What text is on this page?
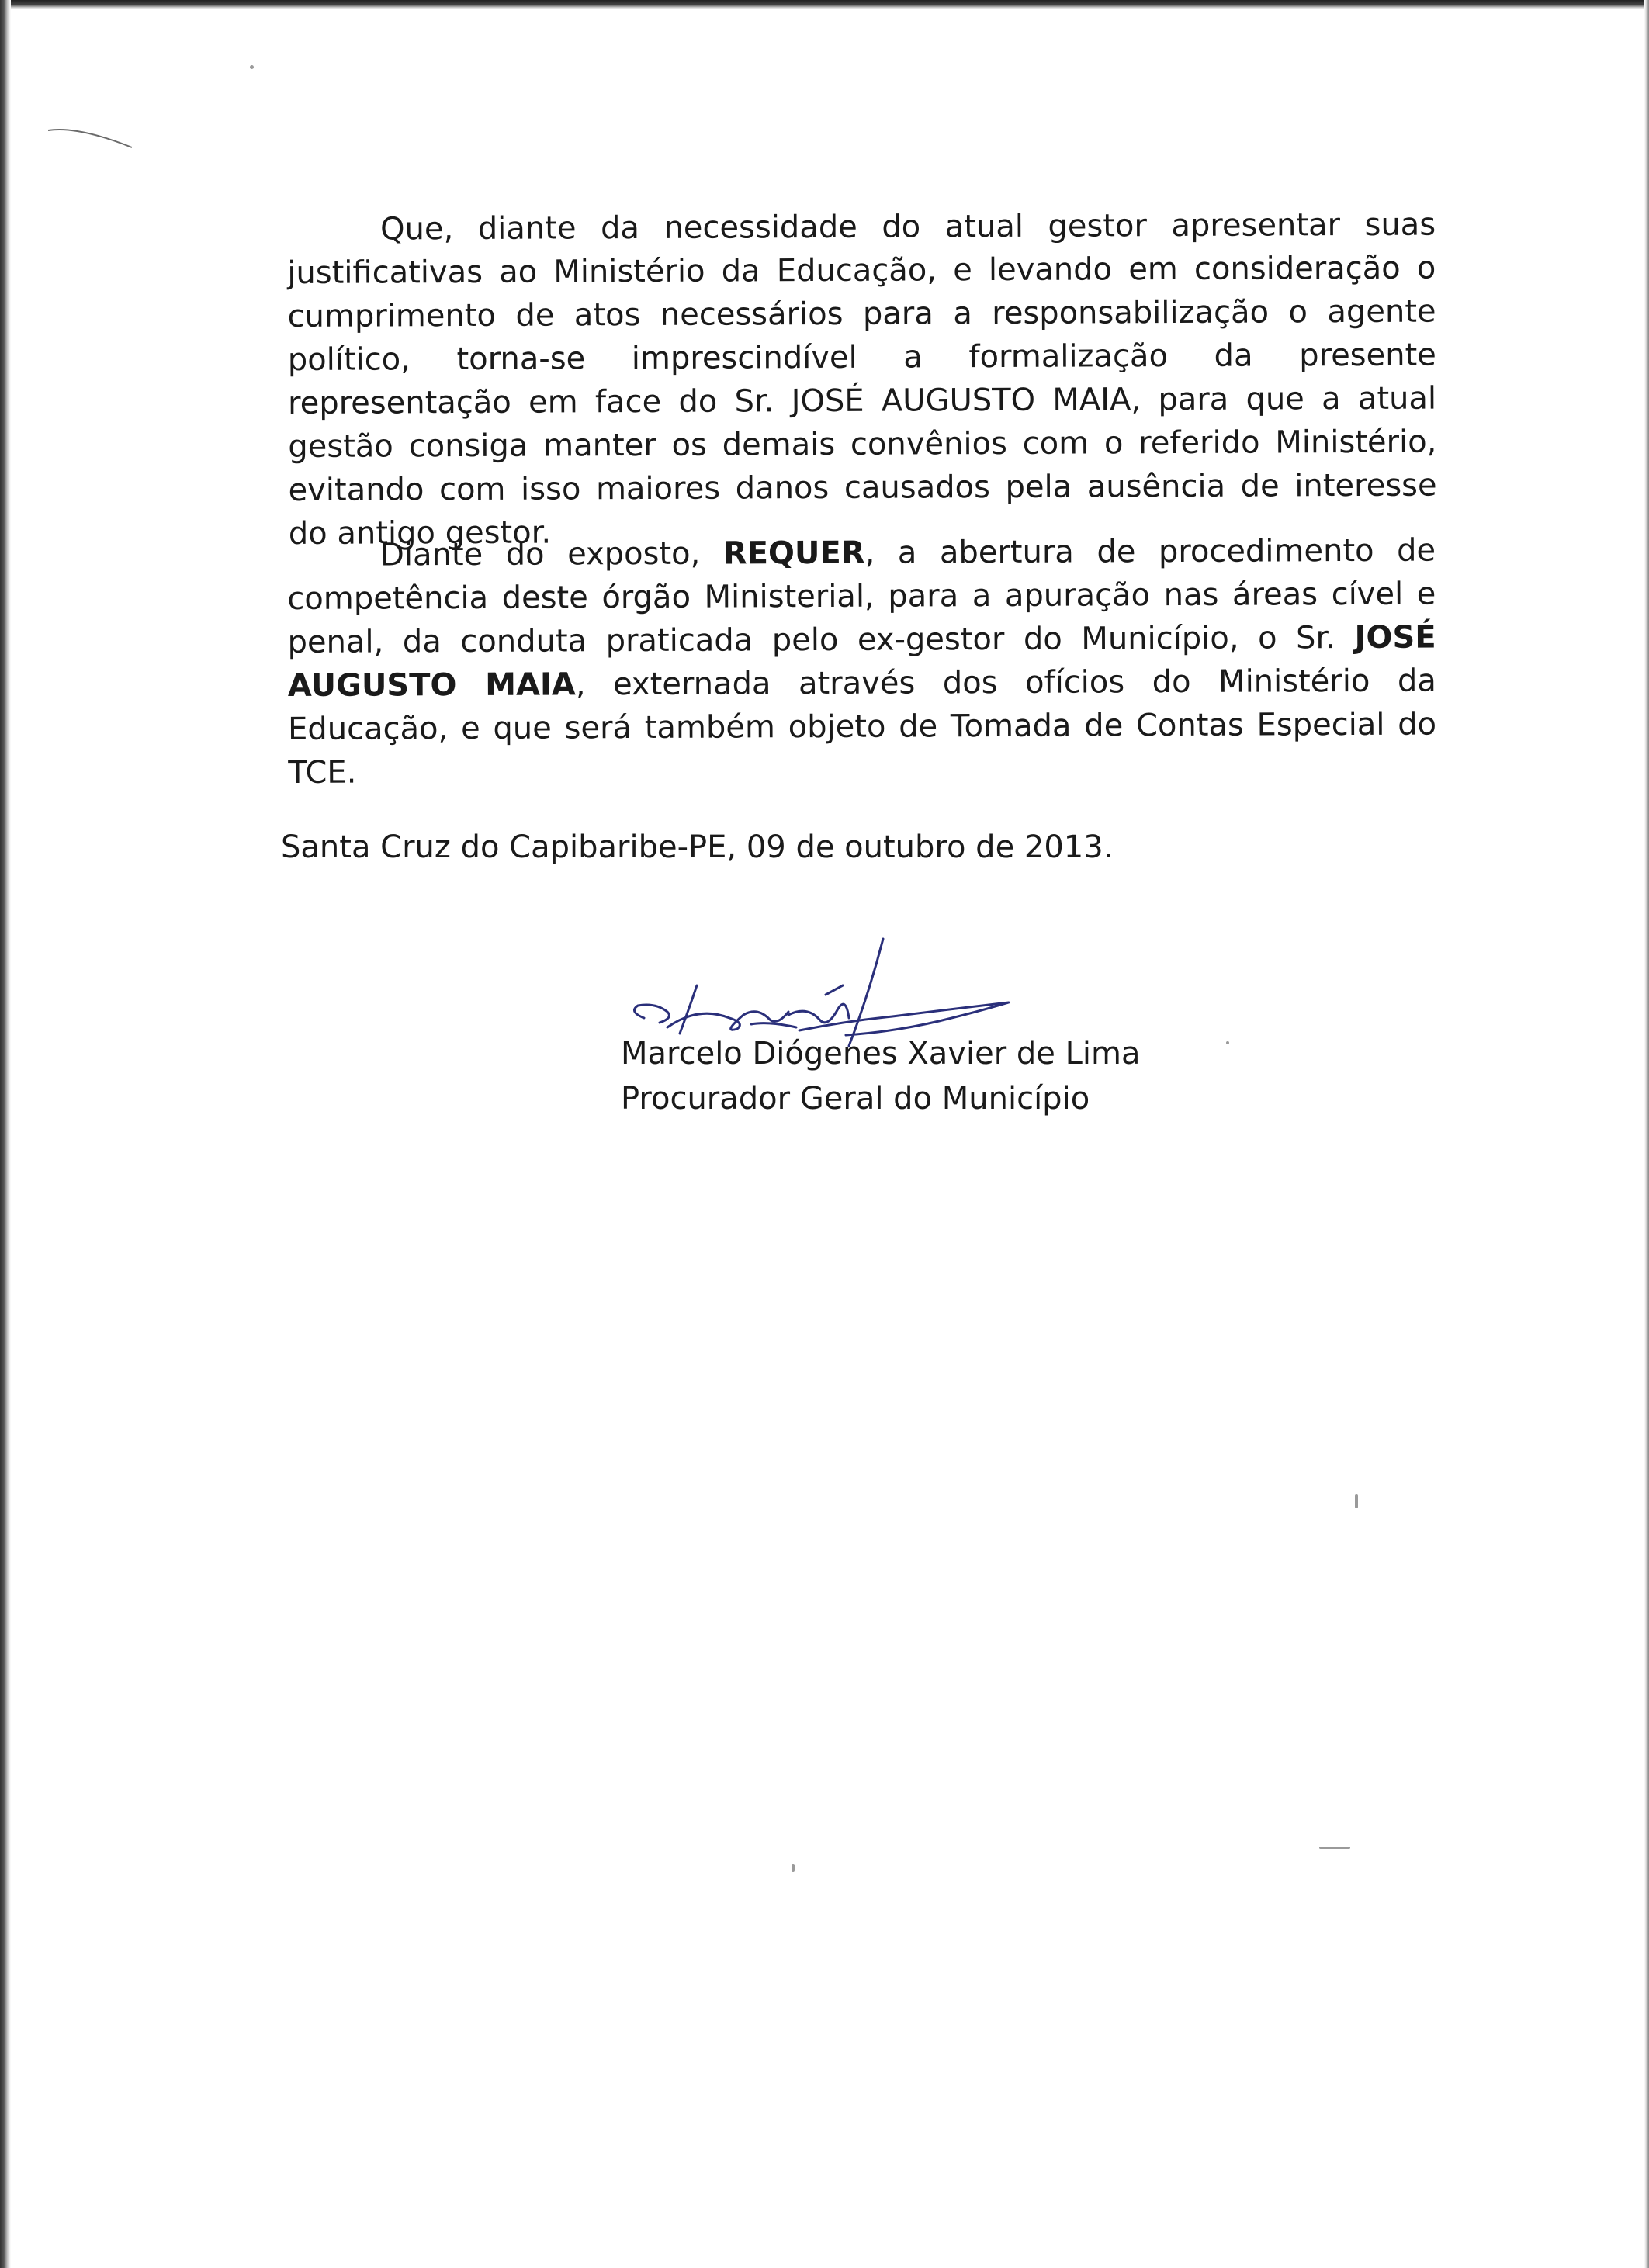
Que, diante da necessidade do atual gestor apresentar suas justificativas ao Ministério da Educação, e levando em consideração o cumprimento de atos necessários para a responsabilização o agente político, torna-se imprescindível a formalização da presente representação em face do Sr. JOSÉ AUGUSTO MAIA, para que a atual gestão consiga manter os demais convênios com o referido Ministério, evitando com isso maiores danos causados pela ausência de interesse do antigo gestor.

Diante do exposto, REQUER, a abertura de procedimento de competência deste órgão Ministerial, para a apuração nas áreas cível e penal, da conduta praticada pelo ex-gestor do Município, o Sr. JOSÉ AUGUSTO MAIA, externada através dos ofícios do Ministério da Educação, e que será também objeto de Tomada de Contas Especial do TCE.

Santa Cruz do Capibaribe-PE, 09 de outubro de 2013.
Marcelo Diógenes Xavier de Lima
Procurador Geral do Município
